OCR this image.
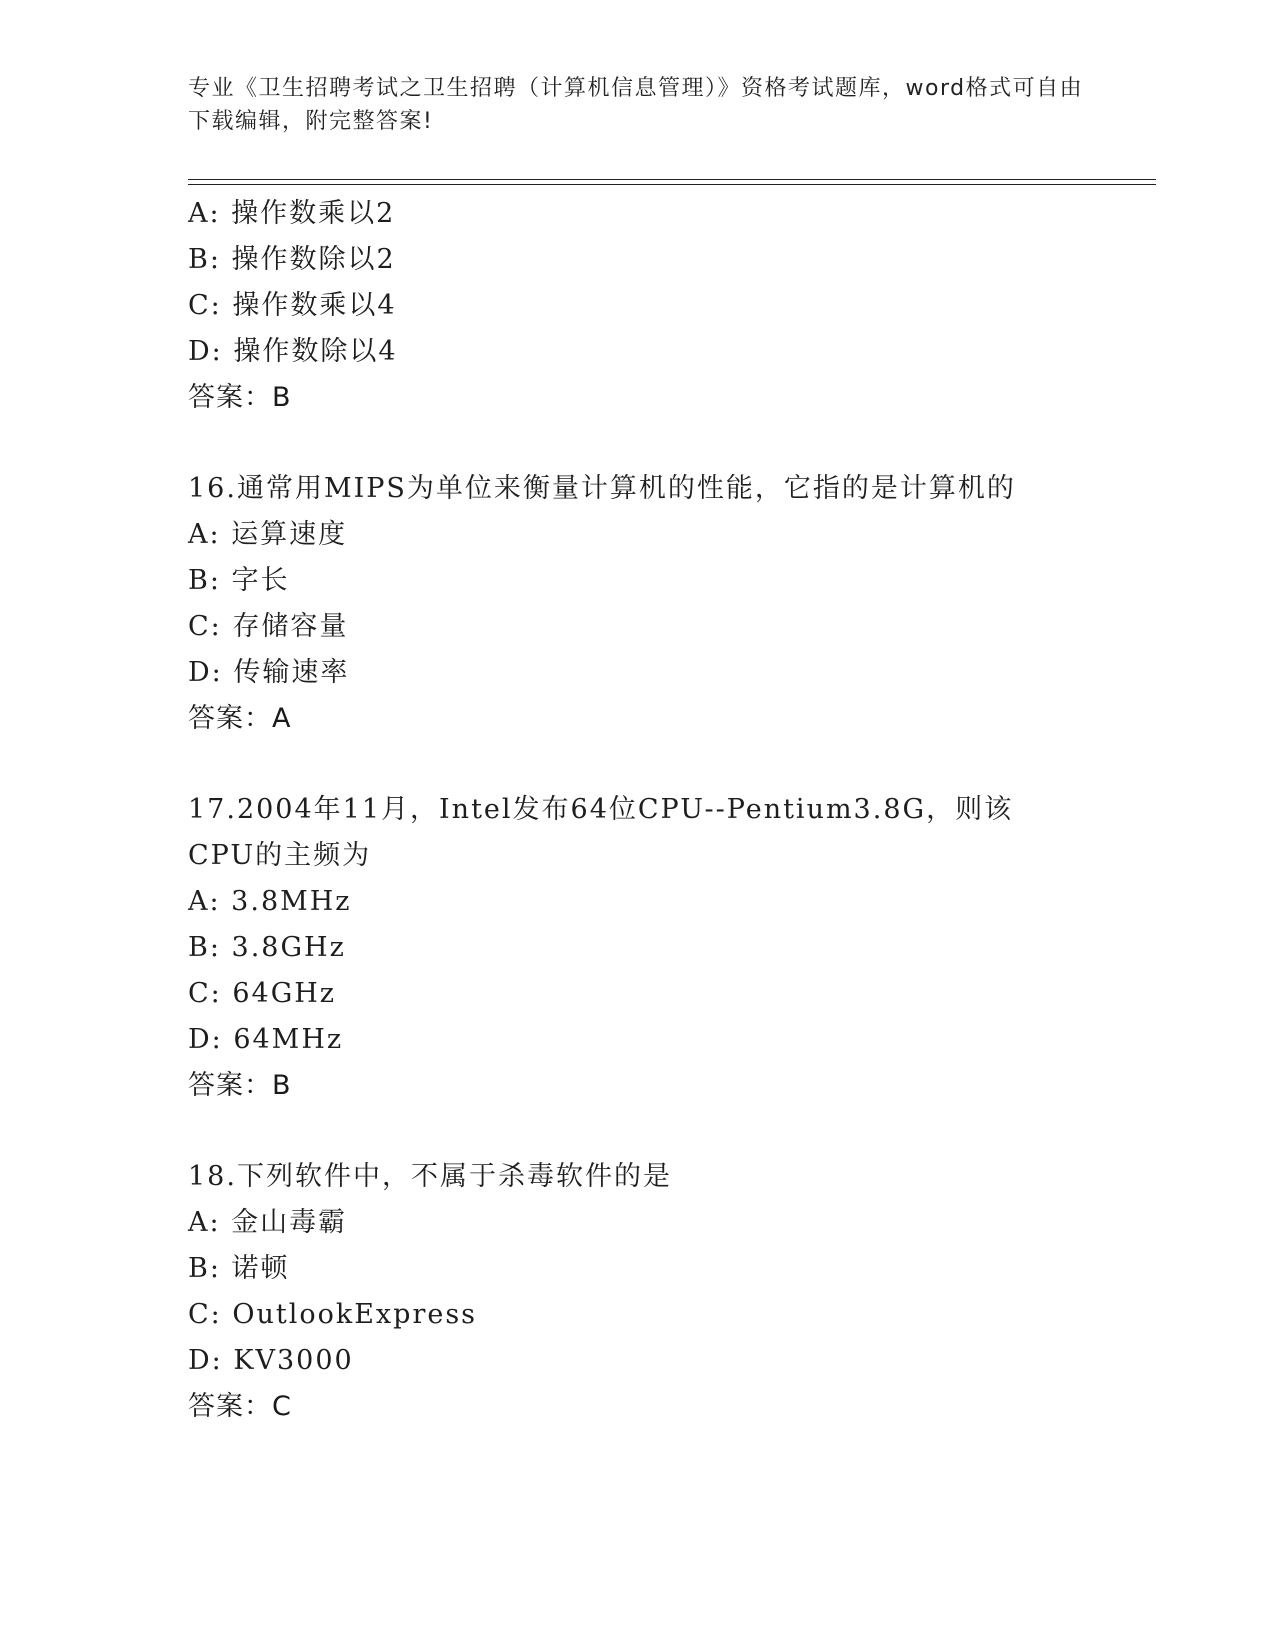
专业《卫生招聘考试之卫生招聘（计算机信息管理）》资格考试题库，word格式可自由下载编辑，附完整答案!
A: 操作数乘以2
B: 操作数除以2
C: 操作数乘以4
D: 操作数除以4
答案：B
16.通常用MIPS为单位来衡量计算机的性能，它指的是计算机的
A: 运算速度
B: 字长
C: 存储容量
D: 传输速率
答案：A
17.2004年11月，Intel发布64位CPU--Pentium3.8G，则该CPU的主频为
A: 3.8MHz
B: 3.8GHz
C: 64GHz
D: 64MHz
答案：B
18.下列软件中，不属于杀毒软件的是
A: 金山毒霸
B: 诺顿
C: OutlookExpress
D: KV3000
答案：C
